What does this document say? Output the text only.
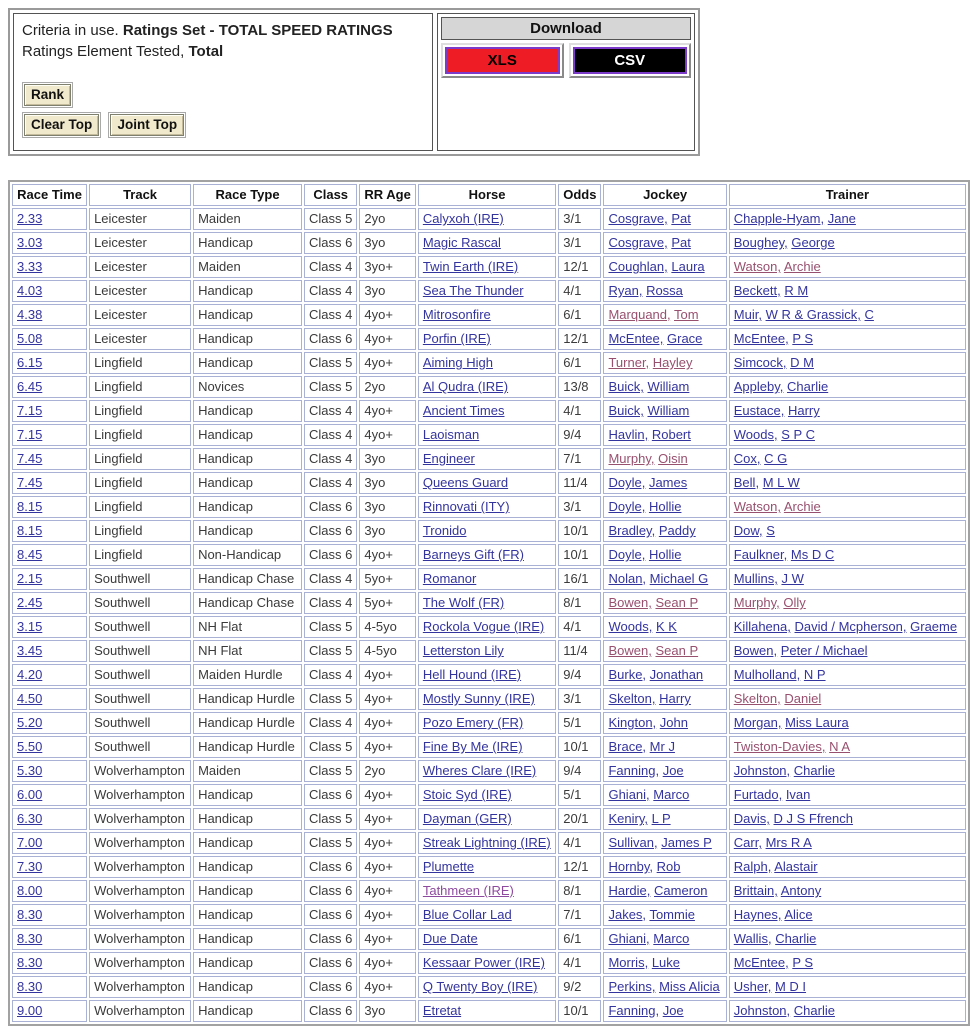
Criteria in use. Ratings Set - TOTAL SPEED RATINGS
Ratings Element Tested, Total
Rank
Clear Top Joint Top
Download
XLS	CSV
Race Time	Track	Race Type	Class	RR Age	Horse	Odds	Jockey	Trainer
2.33	Leicester	Maiden	Class 5	2yo	Calyxoh (IRE)	3/1	Cosgrave, Pat	Chapple-Hyam, Jane
3.03	Leicester	Handicap	Class 6	3yo	Magic Rascal	3/1	Cosgrave, Pat	Boughey, George
3.33	Leicester	Maiden	Class 4	3yo+	Twin Earth (IRE)	12/1	Coughlan, Laura	Watson, Archie
4.03	Leicester	Handicap	Class 4	3yo	Sea The Thunder	4/1	Ryan, Rossa	Beckett, R M
4.38	Leicester	Handicap	Class 4	4yo+	Mitrosonfire	6/1	Marquand, Tom	Muir, W R & Grassick, C
5.08	Leicester	Handicap	Class 6	4yo+	Porfin (IRE)	12/1	McEntee, Grace	McEntee, P S
6.15	Lingfield	Handicap	Class 5	4yo+	Aiming High	6/1	Turner, Hayley	Simcock, D M
6.45	Lingfield	Novices	Class 5	2yo	Al Qudra (IRE)	13/8	Buick, William	Appleby, Charlie
7.15	Lingfield	Handicap	Class 4	4yo+	Ancient Times	4/1	Buick, William	Eustace, Harry
7.15	Lingfield	Handicap	Class 4	4yo+	Laoisman	9/4	Havlin, Robert	Woods, S P C
7.45	Lingfield	Handicap	Class 4	3yo	Engineer	7/1	Murphy, Oisin	Cox, C G
7.45	Lingfield	Handicap	Class 4	3yo	Queens Guard	11/4	Doyle, James	Bell, M L W
8.15	Lingfield	Handicap	Class 6	3yo	Rinnovati (ITY)	3/1	Doyle, Hollie	Watson, Archie
8.15	Lingfield	Handicap	Class 6	3yo	Tronido	10/1	Bradley, Paddy	Dow, S
8.45	Lingfield	Non-Handicap	Class 6	4yo+	Barneys Gift (FR)	10/1	Doyle, Hollie	Faulkner, Ms D C
2.15	Southwell	Handicap Chase	Class 4	5yo+	Romanor	16/1	Nolan, Michael G	Mullins, J W
2.45	Southwell	Handicap Chase	Class 4	5yo+	The Wolf (FR)	8/1	Bowen, Sean P	Murphy, Olly
3.15	Southwell	NH Flat	Class 5	4-5yo	Rockola Vogue (IRE)	4/1	Woods, K K	Killahena, David / Mcpherson, Graeme
3.45	Southwell	NH Flat	Class 5	4-5yo	Letterston Lily	11/4	Bowen, Sean P	Bowen, Peter / Michael
4.20	Southwell	Maiden Hurdle	Class 4	4yo+	Hell Hound (IRE)	9/4	Burke, Jonathan	Mulholland, N P
4.50	Southwell	Handicap Hurdle	Class 5	4yo+	Mostly Sunny (IRE)	3/1	Skelton, Harry	Skelton, Daniel
5.20	Southwell	Handicap Hurdle	Class 4	4yo+	Pozo Emery (FR)	5/1	Kington, John	Morgan, Miss Laura
5.50	Southwell	Handicap Hurdle	Class 5	4yo+	Fine By Me (IRE)	10/1	Brace, Mr J	Twiston-Davies, N A
5.30	Wolverhampton	Maiden	Class 5	2yo	Wheres Clare (IRE)	9/4	Fanning, Joe	Johnston, Charlie
6.00	Wolverhampton	Handicap	Class 6	4yo+	Stoic Syd (IRE)	5/1	Ghiani, Marco	Furtado, Ivan
6.30	Wolverhampton	Handicap	Class 5	4yo+	Dayman (GER)	20/1	Keniry, L P	Davis, D J S Ffrench
7.00	Wolverhampton	Handicap	Class 5	4yo+	Streak Lightning (IRE)	4/1	Sullivan, James P	Carr, Mrs R A
7.30	Wolverhampton	Handicap	Class 6	4yo+	Plumette	12/1	Hornby, Rob	Ralph, Alastair
8.00	Wolverhampton	Handicap	Class 6	4yo+	Tathmeen (IRE)	8/1	Hardie, Cameron	Brittain, Antony
8.30	Wolverhampton	Handicap	Class 6	4yo+	Blue Collar Lad	7/1	Jakes, Tommie	Haynes, Alice
8.30	Wolverhampton	Handicap	Class 6	4yo+	Due Date	6/1	Ghiani, Marco	Wallis, Charlie
8.30	Wolverhampton	Handicap	Class 6	4yo+	Kessaar Power (IRE)	4/1	Morris, Luke	McEntee, P S
8.30	Wolverhampton	Handicap	Class 6	4yo+	Q Twenty Boy (IRE)	9/2	Perkins, Miss Alicia	Usher, M D I
9.00	Wolverhampton	Handicap	Class 6	3yo	Etretat	10/1	Fanning, Joe	Johnston, Charlie
